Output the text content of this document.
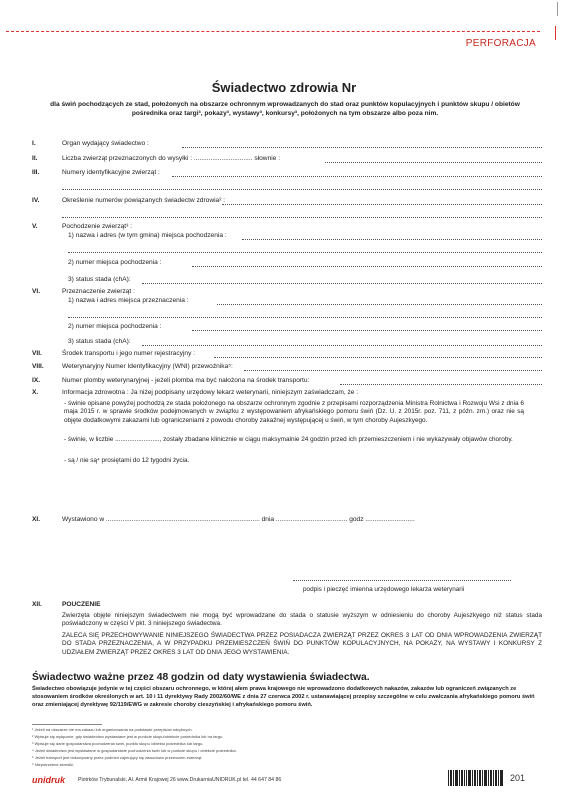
PERFORACJA
Świadectwo zdrowia Nr
dla świń pochodzących ze stad, położonych na obszarze ochronnym wprowadzanych do stad oraz punktów kopulacyjnych i punktów skupu / obietów pośrednika oraz targi³, pokazy³, wystawy³, konkursy³, położonych na tym obszarze albo poza nim.
I.	Organ wydający świadectwo :
II.	Liczba zwierząt przeznaczonych do wysyłki : ................................ słownie :
III.	Numery identyfikacyjne zwierząt :
IV.	Określenie numerów powiązanych świadectw zdrowia² :
V.	Pochodzenie zwierząt³ :
1) nazwa i adres (w tym gmina) miejsca pochodzenia :
2) numer miejsca pochodzenia :
3) status stada (chA):
VI.	Przeznaczenie zwierząt :
1) nazwa i adres miejsca przeznaczenia :
2) numer miejsca pochodzenia :
3) status stada (chA):
VII.	Środek transportu i jego numer rejestracyjny :
VIII.	Weterynaryjny Numer Identyfikacyjny (WNI) przewoźnika⁵:
IX.	Numer plomby weterynaryjnej - jeżeli plomba ma być nałożona na środek transportu:
X.	Informacja zdrowotna : Ja niżej podpisany urzędowy lekarz weterynarii, niniejszym zaświadczam, że :
- świnie opisane powyżej pochodzą ze stada położonego na obszarze ochronnym zgodnie z przepisami rozporządzenia Ministra Rolnictwa i Rozwoju Wsi z dnia 6 maja 2015 r. w sprawie środków podejmowanych w związku z występowaniem afrykańskiego pomoru świń (Dz. U. z 2015r. poz. 711, z późn. zm.) oraz nie są objęte dodatkowymi zakazami lub ograniczeniami z powodu choroby zakaźnej występującej u świń, w tym choroby Aujeszkyego.
- świnie, w liczbie ........................., zostały zbadane klinicznie w ciągu maksymalnie 24 godzin przed ich przemieszczeniem i nie wykazywały objawów choroby.
- są / nie są⁴ prosiętami do 12 tygodni życia.
XI.	Wystawiono w .................................................................................... dnia ....................................... godz ...........................
podpis i pieczęć imienna urzędowego lekarza weterynarii
XII.	POUCZENIE
Zwierzęta objęte niniejszym świadectwem nie mogą być wprowadzane do stada o statusie wyższym w odniesieniu do choroby Aujeszkyego niż status stada poświadczony w części V pkt. 3 niniejszego świadectwa.
ZALECA SIĘ PRZECHOWYWANIE NINIEJSZEGO ŚWIADECTWA PRZEZ POSIADACZA ZWIERZĄT PRZEZ OKRES 3 LAT OD DNIA WPROWADZENIA ZWIERZĄT DO STADA PRZEZNACZENIA, A W PRZYPADKU PRZEMIESZCZEŃ ŚWIŃ DO PUNKTÓW KOPULACYJNYCH, NA POKAZY, NA WYSTAWY I KONKURSY Z UDZIAŁEM ZWIERZĄT PRZEZ OKRES 3 LAT OD DNIA JEGO WYSTAWIENIA.
Świadectwo ważne przez 48 godzin od daty wystawienia świadectwa.
Świadectwo obowiązuje jedynie w tej części obszaru ochronnego, w której ałem prawa krajowego nie wprowadzono dodatkowych nakazów, zakazów lub ograniczeń związanych ze stosowaniem środków określonych w art. 10 i 11 dyrektywy Rady 2002/60/WE z dnia 27 czerwca 2002 r. ustanawiającej przepisy szczególne w celu zwalczania afrykańskiego pomoru świń oraz zmieniającej dyrektywę 92/119/EWG w zakresie choroby cieszyńskiej i afrykańskiego pomoru świń.
¹ Jeżeli na obszarze nie ma zakazu lub organizowania na podstawie przepisów odrębnych.
² Wpisuje się wyłącznie, gdy świadectwo wystawiane jest w punkcie skupu/obiekcie pośrednika lub na targu.
³ Wpisuje się dane gospodarstwa pochodzenia świń, punktu skupu /obiektu pośrednika lub targu.
⁴ Jeżeli świadectwo jest wystawiane w gospodarstwie pochodzenia świń lub w punkcie skupu / obiekcie pośrednika.
⁵ Jeżeli transport jest dokonywany przez podmiot zajmujący się zawodowo przewozem zwierząt.
⁶ Niepotrzebne skreślić.
unidruk	Piotrków Trybunalski, Al. Armii Krajowej 26 www.DrukarniaUNIDRUK.pl tel. 44 647 84 86	201
